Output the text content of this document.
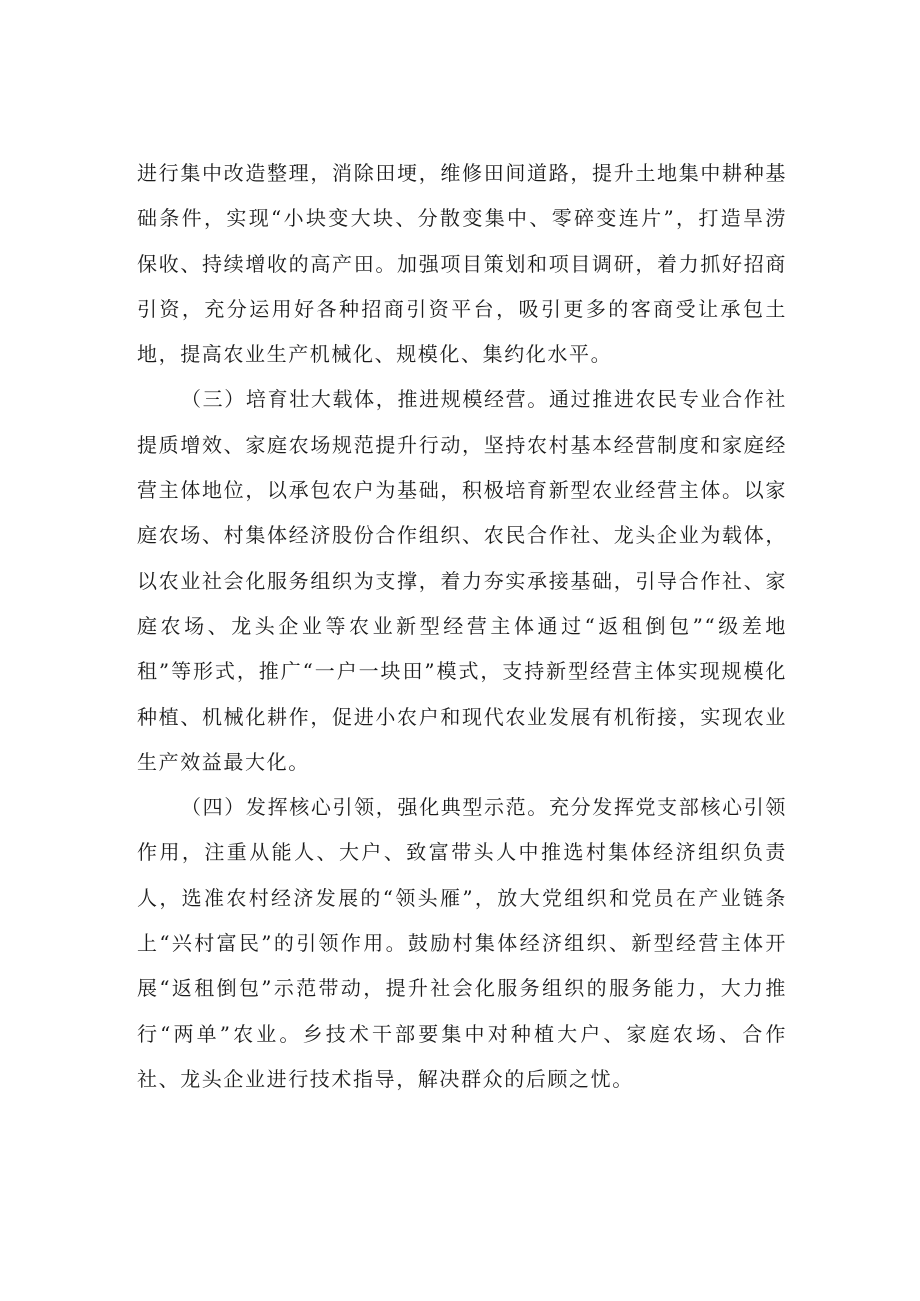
进行集中改造整理，消除田埂，维修田间道路，提升土地集中耕种基础条件，实现“小块变大块、分散变集中、零碎变连片”，打造旱涝保收、持续增收的高产田。加强项目策划和项目调研，着力抓好招商引资，充分运用好各种招商引资平台，吸引更多的客商受让承包土地，提高农业生产机械化、规模化、集约化水平。

（三）培育壮大载体，推进规模经营。通过推进农民专业合作社提质增效、家庭农场规范提升行动，坚持农村基本经营制度和家庭经营主体地位，以承包农户为基础，积极培育新型农业经营主体。以家庭农场、村集体经济股份合作组织、农民合作社、龙头企业为载体，以农业社会化服务组织为支撑，着力夯实承接基础，引导合作社、家庭农场、龙头企业等农业新型经营主体通过“返租倒包”“级差地租”等形式，推广“一户一块田”模式，支持新型经营主体实现规模化种植、机械化耕作，促进小农户和现代农业发展有机衔接，实现农业生产效益最大化。

（四）发挥核心引领，强化典型示范。充分发挥党支部核心引领作用，注重从能人、大户、致富带头人中推选村集体经济组织负责人，选准农村经济发展的“领头雁”，放大党组织和党员在产业链条上“兴村富民”的引领作用。鼓励村集体经济组织、新型经营主体开展“返租倒包”示范带动，提升社会化服务组织的服务能力，大力推行“两单”农业。乡技术干部要集中对种植大户、家庭农场、合作社、龙头企业进行技术指导，解决群众的后顾之忧。
